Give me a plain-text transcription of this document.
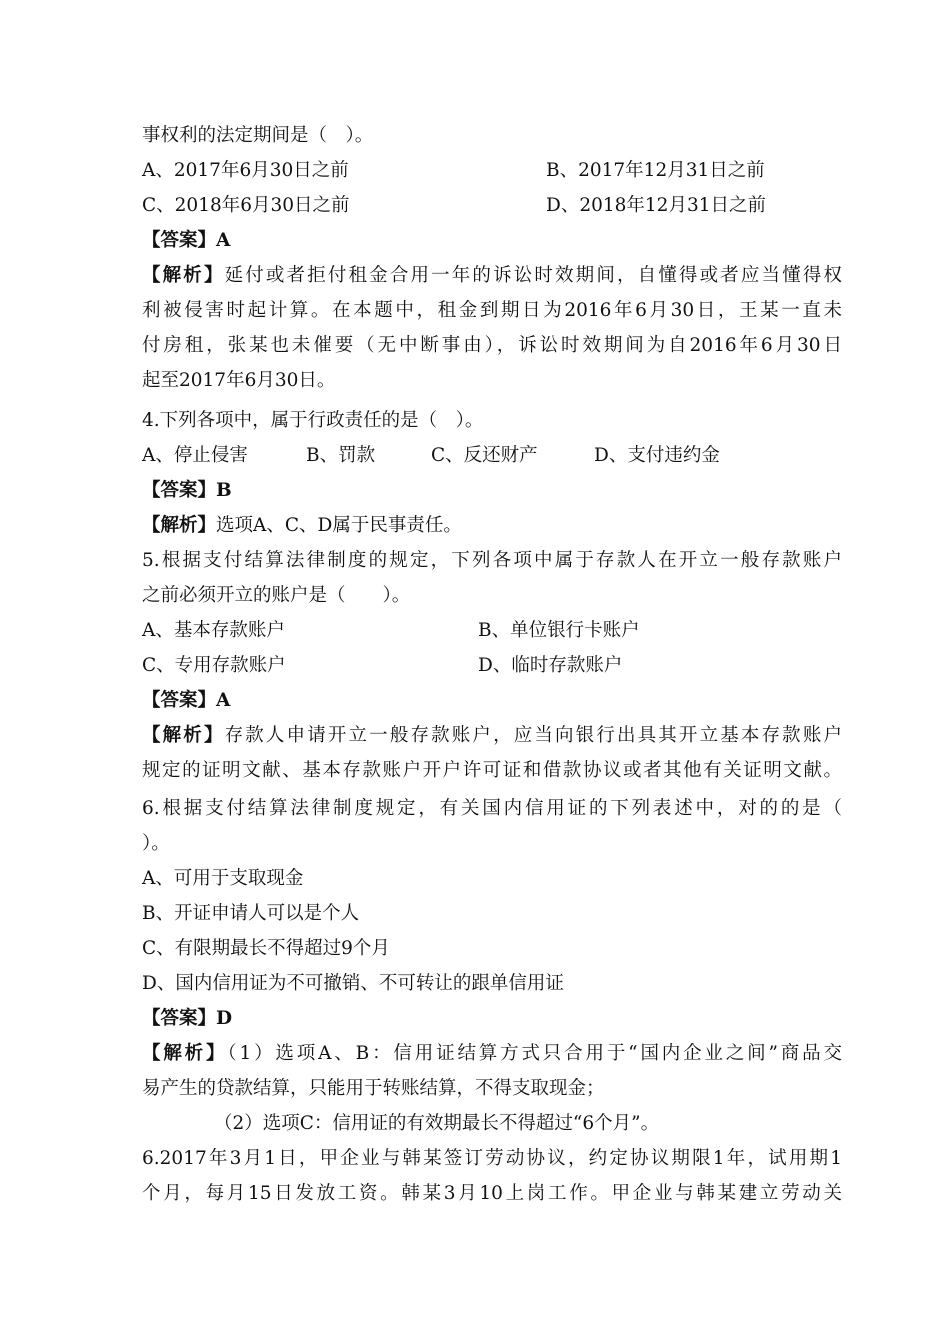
事权利的法定期间是（　）。
A、2017年6月30日之前	B、2017年12月31日之前
C、2018年6月30日之前	D、2018年12月31日之前
【答案】A
【解析】延付或者拒付租金合用一年的诉讼时效期间，自懂得或者应当懂得权
利被侵害时起计算。在本题中，租金到期日为2016年6月30日，王某一直未
付房租，张某也未催要（无中断事由），诉讼时效期间为自2016年6月30日
起至2017年6月30日。
4.下列各项中，属于行政责任的是（　）。
A、停止侵害	B、罚款	C、反还财产	D、支付违约金
【答案】B
【解析】选项A、C、D属于民事责任。
5.根据支付结算法律制度的规定，下列各项中属于存款人在开立一般存款账户
之前必须开立的账户是（　　）。
A、基本存款账户	B、单位银行卡账户
C、专用存款账户	D、临时存款账户
【答案】A
【解析】存款人申请开立一般存款账户，应当向银行出具其开立基本存款账户
规定的证明文献、基本存款账户开户许可证和借款协议或者其他有关证明文献。
6.根据支付结算法律制度规定，有关国内信用证的下列表述中，对的的是（
）。
A、可用于支取现金
B、开证申请人可以是个人
C、有限期最长不得超过9个月
D、国内信用证为不可撤销、不可转让的跟单信用证
【答案】D
【解析】（1）选项A、B：信用证结算方式只合用于“国内企业之间”商品交
易产生的贷款结算，只能用于转账结算，不得支取现金；
（2）选项C：信用证的有效期最长不得超过“6个月”。
6.2017年3月1日，甲企业与韩某签订劳动协议，约定协议期限1年，试用期1
个月，每月15日发放工资。韩某3月10上岗工作。甲企业与韩某建立劳动关
